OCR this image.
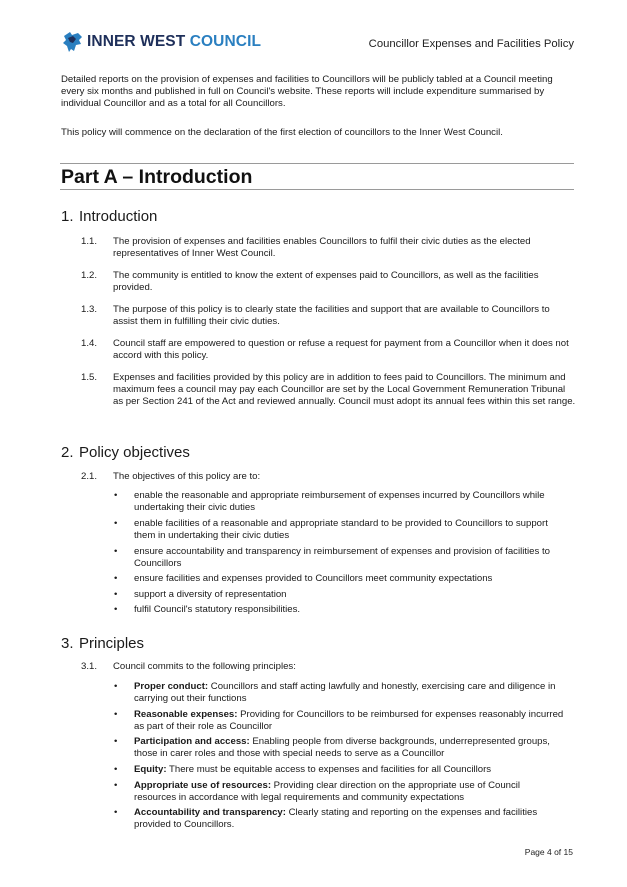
INNER WEST COUNCIL	Councillor Expenses and Facilities Policy
Detailed reports on the provision of expenses and facilities to Councillors will be publicly tabled at a Council meeting every six months and published in full on Council's website. These reports will include expenditure summarised by individual Councillor and as a total for all Councillors.
This policy will commence on the declaration of the first election of councillors to the Inner West Council.
Part A – Introduction
1. Introduction
1.1.	The provision of expenses and facilities enables Councillors to fulfil their civic duties as the elected representatives of Inner West Council.
1.2.	The community is entitled to know the extent of expenses paid to Councillors, as well as the facilities provided.
1.3.	The purpose of this policy is to clearly state the facilities and support that are available to Councillors to assist them in fulfilling their civic duties.
1.4.	Council staff are empowered to question or refuse a request for payment from a Councillor when it does not accord with this policy.
1.5.	Expenses and facilities provided by this policy are in addition to fees paid to Councillors. The minimum and maximum fees a council may pay each Councillor are set by the Local Government Remuneration Tribunal as per Section 241 of the Act and reviewed annually. Council must adopt its annual fees within this set range.
2. Policy objectives
2.1.	The objectives of this policy are to:
•	enable the reasonable and appropriate reimbursement of expenses incurred by Councillors while undertaking their civic duties
•	enable facilities of a reasonable and appropriate standard to be provided to Councillors to support them in undertaking their civic duties
•	ensure accountability and transparency in reimbursement of expenses and provision of facilities to Councillors
•	ensure facilities and expenses provided to Councillors meet community expectations
•	support a diversity of representation
•	fulfil Council's statutory responsibilities.
3. Principles
3.1.	Council commits to the following principles:
•	Proper conduct: Councillors and staff acting lawfully and honestly, exercising care and diligence in carrying out their functions
•	Reasonable expenses: Providing for Councillors to be reimbursed for expenses reasonably incurred as part of their role as Councillor
•	Participation and access: Enabling people from diverse backgrounds, underrepresented groups, those in carer roles and those with special needs to serve as a Councillor
•	Equity: There must be equitable access to expenses and facilities for all Councillors
•	Appropriate use of resources: Providing clear direction on the appropriate use of Council resources in accordance with legal requirements and community expectations
•	Accountability and transparency: Clearly stating and reporting on the expenses and facilities provided to Councillors.
Page 4 of 15
